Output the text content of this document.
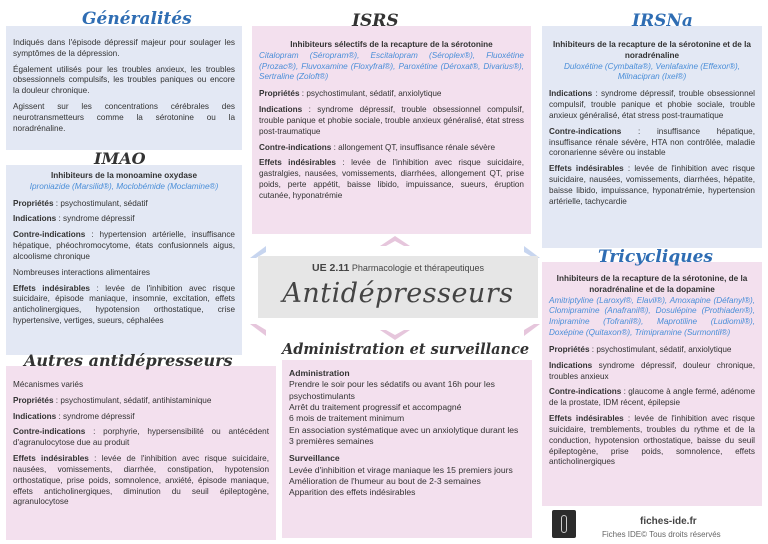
Indiqués dans l'épisode dépressif majeur pour soulager les symptômes de la dépression.

Également utilisés pour les troubles anxieux, les troubles obsessionnels compulsifs, les troubles paniques ou encore la douleur chronique.

Agissent sur les concentrations cérébrales des neurotransmetteurs comme la sérotonine ou la noradrénaline.

Généralités
Inhibiteurs de la monoamine oxydase
Iproniazide (Marsilid®), Moclobémide (Moclamine®)

Propriétés : psychostimulant, sédatif

Indications : syndrome dépressif

Contre-indications : hypertension artérielle, insuffisance hépatique, phéochromocytome, états confusionnels aigus, alcoolisme chronique

Nombreuses interactions alimentaires

Effets indésirables : levée de l'inhibition avec risque suicidaire, épisode maniaque, insomnie, excitation, effets anticholinergiques, hypotension orthostatique, crise hypertensive, vertiges, sueurs, céphalées

IMAO
Inhibiteurs sélectifs de la recapture de la sérotonine
Citalopram (Séropram®), Escitalopram (Séroplex®), Fluoxétine (Prozac®), Fluvoxamine (Floxyfral®), Paroxétine (Déroxat®, Divarius®), Sertraline (Zoloft®)

Propriétés : psychostimulant, sédatif, anxiolytique

Indications : syndrome dépressif, trouble obsessionnel compulsif, trouble panique et phobie sociale, trouble anxieux généralisé, état stress post-traumatique

Contre-indications : allongement QT, insuffisance rénale sévère

Effets indésirables : levée de l'inhibition avec risque suicidaire, gastralgies, nausées, vomissements, diarrhées, allongement QT, prise poids, perte appétit, baisse libido, impuissance, sueurs, éruption cutanée, hyponatrémie

ISRS
Inhibiteurs de la recapture de la sérotonine et de la noradrénaline
Duloxétine (Cymbalta®), Venlafaxine (Effexor®), Milnacipran (Ixel®)

Indications : syndrome dépressif, trouble obsessionnel compulsif, trouble panique et phobie sociale, trouble anxieux généralisé, état stress post-traumatique

Contre-indications : insuffisance hépatique, insuffisance rénale sévère, HTA non contrôlée, maladie coronarienne sévère ou instable

Effets indésirables : levée de l'inhibition avec risque suicidaire, nausées, vomissements, diarrhées, hépatite, baisse libido, impuissance, hyponatrémie, hypertension artérielle, tachycardie

IRSNa
Inhibiteurs de la recapture de la sérotonine, de la noradrénaline et de la dopamine
Amitriptyline (Laroxyl®, Elavil®), Amoxapine (Défanyl®), Clomipramine (Anafranil®), Dosulépine (Prothiaden®), Imipramine (Tofranil®), Maprotiline (Ludiomil®), Doxépine (Quitaxon®), Trimipramine (Surmontil®)

Propriétés : psychostimulant, sédatif, anxiolytique

Indications syndrome dépressif, douleur chronique, troubles anxieux

Contre-indications : glaucome à angle fermé, adénome de la prostate, IDM récent, épilepsie

Effets indésirables : levée de l'inhibition avec risque suicidaire, tremblements, troubles du rythme et de la conduction, hypotension orthostatique, baisse du seuil épileptogène, prise poids, somnolence, effets anticholinergiques

Tricycliques
UE 2.11 Pharmacologie et thérapeutiques
Antidépresseurs

Mécanismes variés

Propriétés : psychostimulant, sédatif, antihistaminique

Indications : syndrome dépressif

Contre-indications : porphyrie, hypersensibilité ou antécédent d'agranulocytose due au produit

Effets indésirables : levée de l'inhibition avec risque suicidaire, nausées, vomissements, diarrhée, constipation, hypotension orthostatique, prise poids, somnolence, anxiété, épisode maniaque, effets anticholinergiques, diminution du seuil épileptogène, agranulocytose

Autres antidépresseurs
Administration
Prendre le soir pour les sédatifs ou avant 16h pour les psychostimulants
Arrêt du traitement progressif et accompagné
6 mois de traitement minimum
En association systématique avec un anxiolytique durant les 3 premières semaines
Surveillance
Levée d'inhibition et virage maniaque les 15 premiers jours
Amélioration de l'humeur au bout de 2-3 semaines
Apparition des effets indésirables
Administration et surveillance
fiches-ide.fr
Fiches IDE© Tous droits réservés
